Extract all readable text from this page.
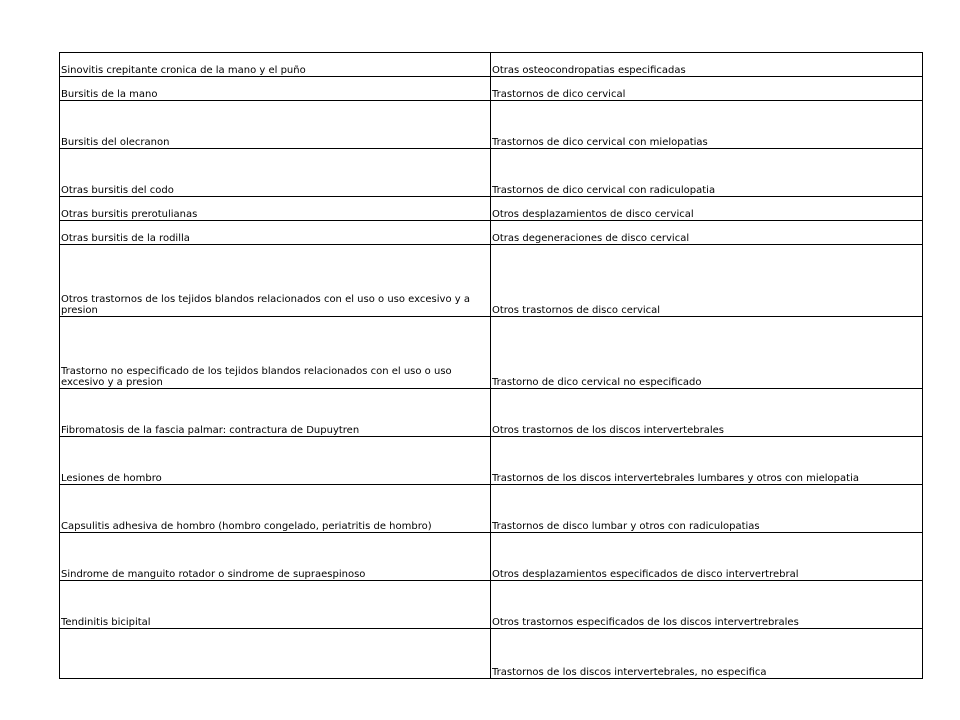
Sinovitis crepitante cronica de la mano y el puño	Otras osteocondropatias especificadas
Bursitis de la mano	Trastornos de dico cervical
Bursitis del olecranon	Trastornos de dico cervical con mielopatias
Otras bursitis del codo	Trastornos de dico cervical con radiculopatia
Otras bursitis prerotulianas	Otros desplazamientos de disco cervical
Otras bursitis de la rodilla	Otras degeneraciones de disco cervical
Otros trastornos de los tejidos blandos relacionados con el uso o uso excesivo y a presion	Otros trastornos de disco cervical
Trastorno no especificado de los tejidos blandos relacionados con el uso o uso excesivo y a presion	Trastorno de dico cervical no especificado
Fibromatosis de la fascia palmar: contractura de Dupuytren	Otros trastornos de los discos intervertebrales
Lesiones de hombro	Trastornos de los discos intervertebrales lumbares y otros con mielopatia
Capsulitis adhesiva de hombro (hombro congelado, periatritis de hombro)	Trastornos de disco lumbar y otros con radiculopatias
Sindrome de manguito rotador o sindrome de supraespinoso	Otros desplazamientos especificados de disco intervertrebral
Tendinitis bicipital	Otros trastornos especificados de los discos intervertrebrales
	Trastornos de los discos intervertebrales, no especifica
